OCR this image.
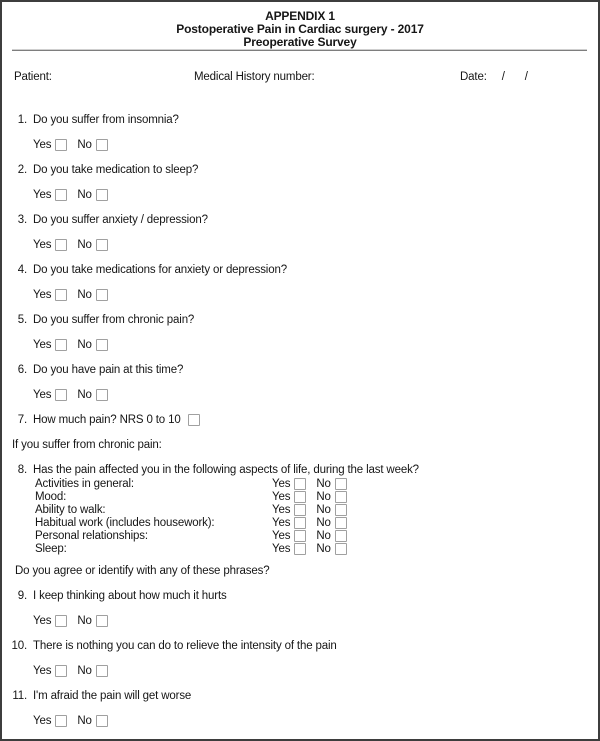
APPENDIX 1
Postoperative Pain in Cardiac surgery - 2017
Preoperative Survey
Patient:	Medical History number:	Date: / /
1. Do you suffer from insomnia?
Yes No
2. Do you take medication to sleep?
Yes No
3. Do you suffer anxiety / depression?
Yes No
4. Do you take medications for anxiety or depression?
Yes No
5. Do you suffer from chronic pain?
Yes No
6. Do you have pain at this time?
Yes No
7. How much pain? NRS 0 to 10
If you suffer from chronic pain:
8. Has the pain affected you in the following aspects of life, during the last week?
Activities in general:	Yes No
Mood:	Yes No
Ability to walk:	Yes No
Habitual work (includes housework):	Yes No
Personal relationships:	Yes No
Sleep:	Yes No
Do you agree or identify with any of these phrases?
9. I keep thinking about how much it hurts
Yes No
10. There is nothing you can do to relieve the intensity of the pain
Yes No
11. I'm afraid the pain will get worse
Yes No
